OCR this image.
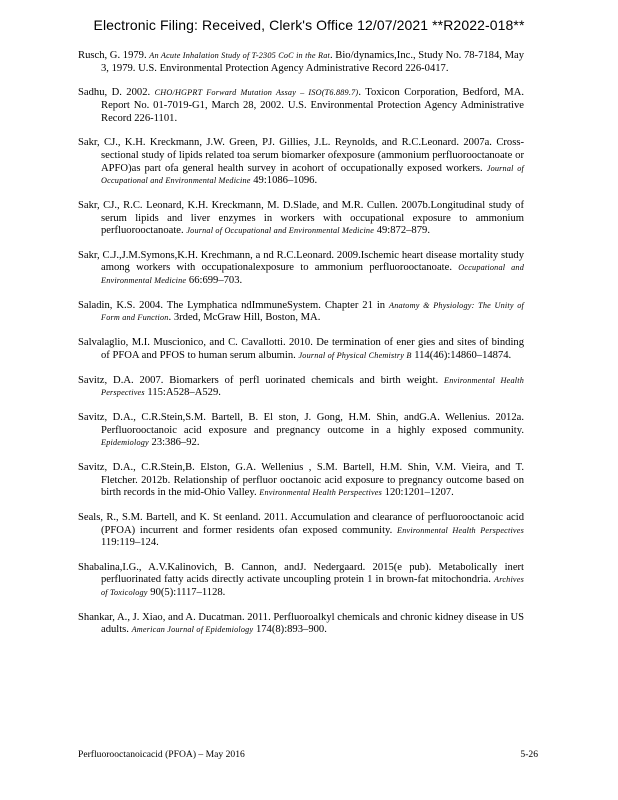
Electronic Filing: Received, Clerk's Office 12/07/2021 **R2022-018**

Rusch, G. 1979. An Acute Inhalation Study of T-2305 CoC in the Rat. Bio/dynamics,Inc., Study No. 78-7184, May 3, 1979. U.S. Environmental Protection Agency Administrative Record 226-0417.

Sadhu, D. 2002. CHO/HGPRT Forward Mutation Assay – ISO(T6.889.7). Toxicon Corporation, Bedford, MA. Report No. 01-7019-G1, March 28, 2002. U.S. Environmental Protection Agency Administrative Record 226-1101.

Sakr, CJ., K.H. Kreckmann, J.W. Green, PJ. Gillies, J.L. Reynolds, and R.C.Leonard. 2007a. Cross-sectional study of lipids related toa serum biomarker ofexposure (ammonium perfluorooctanoate or APFO)as part ofa general health survey in acohort of occupationally exposed workers. Journal of Occupational and Environmental Medicine 49:1086–1096.

Sakr, CJ., R.C. Leonard, K.H. Kreckmann, M. D.Slade, and M.R. Cullen. 2007b.Longitudinal study of serum lipids and liver enzymes in workers with occupational exposure to ammonium perfluorooctanoate. Journal of Occupational and Environmental Medicine 49:872–879.

Sakr, C.J.,J.M.Symons,K.H. Krechmann, a nd R.C.Leonard. 2009.Ischemic heart disease mortality study among workers with occupationalexposure to ammonium perfluorooctanoate. Occupational and Environmental Medicine 66:699–703.

Saladin, K.S. 2004. The Lymphatica ndImmuneSystem. Chapter 21 in Anatomy & Physiology: The Unity of Form and Function. 3rded, McGraw Hill, Boston, MA.

Salvalaglio, M.I. Muscionico, and C. Cavallotti. 2010. De termination of ener gies and sites of binding of PFOA and PFOS to human serum albumin. Journal of Physical Chemistry B 114(46):14860–14874.

Savitz, D.A. 2007. Biomarkers of perfl uorinated chemicals and birth weight. Environmental Health Perspectives 115:A528–A529.

Savitz, D.A., C.R.Stein,S.M. Bartell, B. El ston, J. Gong, H.M. Shin, andG.A. Wellenius. 2012a. Perfluorooctanoic acid exposure and pregnancy outcome in a highly exposed community. Epidemiology 23:386–92.

Savitz, D.A., C.R.Stein,B. Elston, G.A. Wellenius , S.M. Bartell, H.M. Shin, V.M. Vieira, and T. Fletcher. 2012b. Relationship of perfluor ooctanoic acid exposure to pregnancy outcome based on birth records in the mid-Ohio Valley. Environmental Health Perspectives 120:1201–1207.

Seals, R., S.M. Bartell, and K. St eenland. 2011. Accumulation and clearance of perfluorooctanoic acid (PFOA) incurrent and former residents ofan exposed community. Environmental Health Perspectives 119:119–124.

Shabalina,I.G., A.V.Kalinovich, B. Cannon, andJ. Nedergaard. 2015(e pub). Metabolically inert perfluorinated fatty acids directly activate uncoupling protein 1 in brown-fat mitochondria. Archives of Toxicology 90(5):1117–1128.

Shankar, A., J. Xiao, and A. Ducatman. 2011. Perfluoroalkyl chemicals and chronic kidney disease in US adults. American Journal of Epidemiology 174(8):893–900.

Perfluorooctanoicacid (PFOA) – May 2016	5-26
